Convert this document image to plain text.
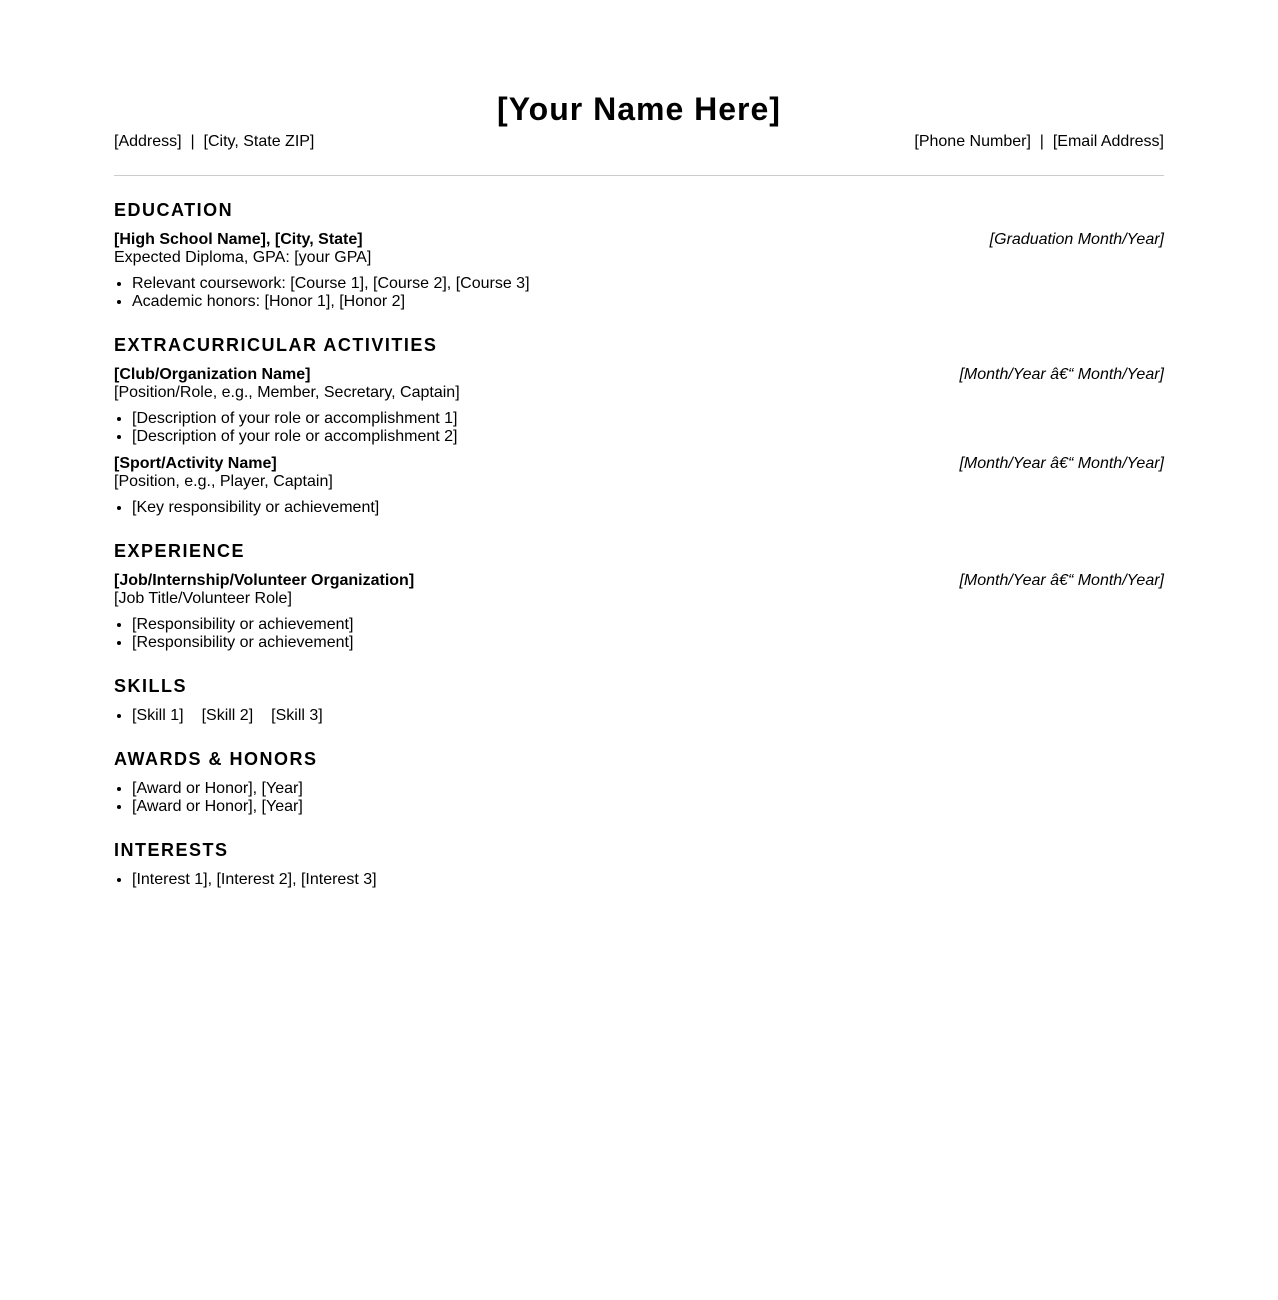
[Your Name Here]
[Address]  |  [City, State ZIP]	[Phone Number]  |  [Email Address]
EDUCATION
[High School Name], [City, State]	[Graduation Month/Year]
Expected Diploma, GPA: [your GPA]
• Relevant coursework: [Course 1], [Course 2], [Course 3]
• Academic honors: [Honor 1], [Honor 2]
EXTRACURRICULAR ACTIVITIES
[Club/Organization Name]	[Month/Year â€“ Month/Year]
[Position/Role, e.g., Member, Secretary, Captain]
• [Description of your role or accomplishment 1]
• [Description of your role or accomplishment 2]
[Sport/Activity Name]	[Month/Year â€“ Month/Year]
[Position, e.g., Player, Captain]
• [Key responsibility or achievement]
EXPERIENCE
[Job/Internship/Volunteer Organization]	[Month/Year â€“ Month/Year]
[Job Title/Volunteer Role]
• [Responsibility or achievement]
• [Responsibility or achievement]
SKILLS
• [Skill 1] [Skill 2] [Skill 3]
AWARDS & HONORS
• [Award or Honor], [Year]
• [Award or Honor], [Year]
INTERESTS
• [Interest 1], [Interest 2], [Interest 3]
